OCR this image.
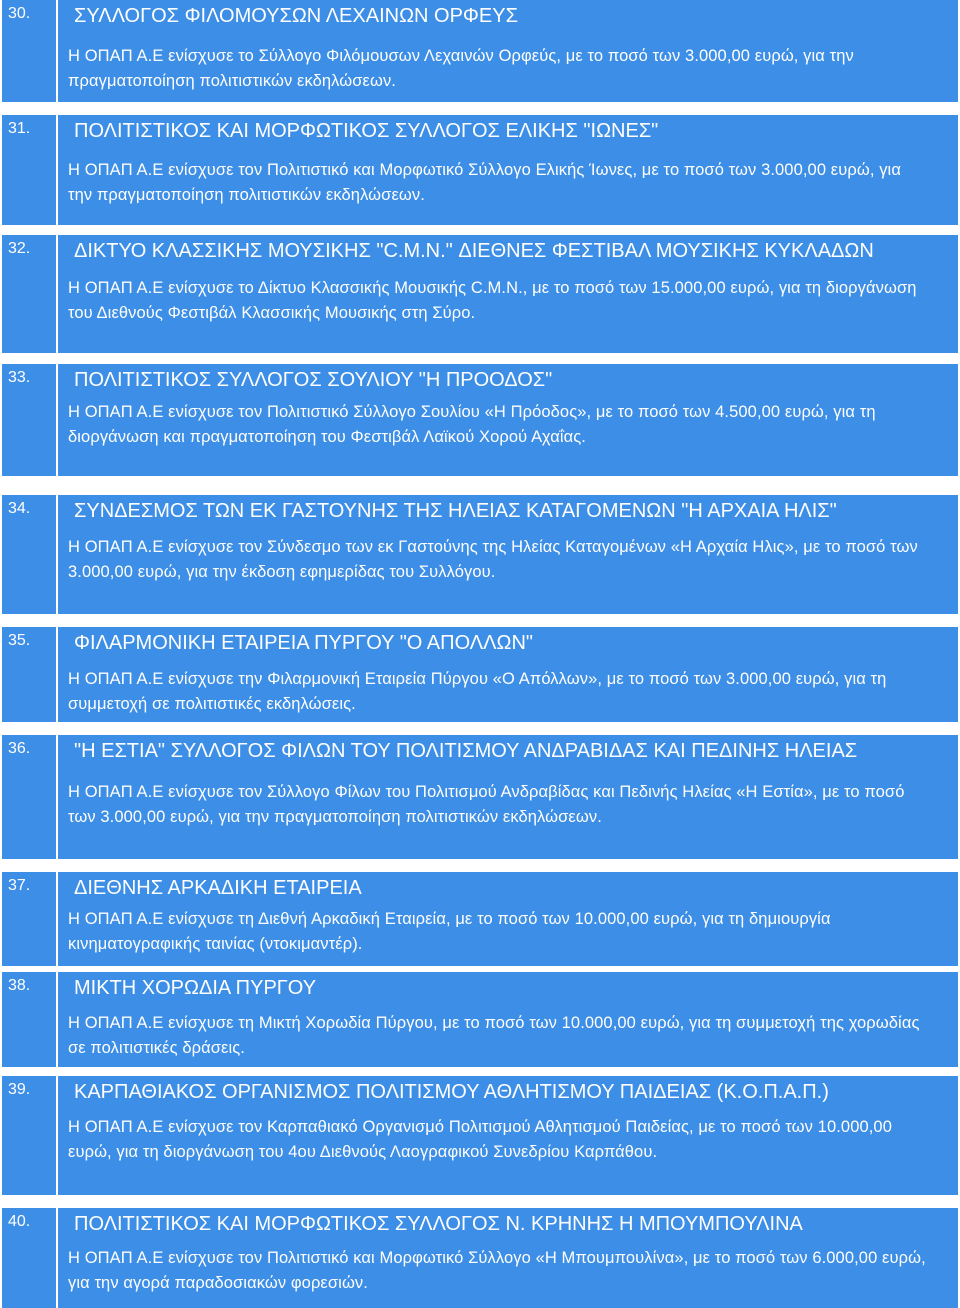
30.	ΣΥΛΛΟΓΟΣ ΦΙΛΟΜΟΥΣΩΝ ΛΕΧΑΙΝΩΝ ΟΡΦΕΥΣ
Η ΟΠΑΠ Α.Ε ενίσχυσε το Σύλλογο Φιλόμουσων Λεχαινών Ορφεύς, με το ποσό των 3.000,00 ευρώ, για την πραγματοποίηση πολιτιστικών εκδηλώσεων.
31.	ΠΟΛΙΤΙΣΤΙΚΟΣ ΚΑΙ ΜΟΡΦΩΤΙΚΟΣ ΣΥΛΛΟΓΟΣ ΕΛΙΚΗΣ "ΙΩΝΕΣ"
Η ΟΠΑΠ Α.Ε ενίσχυσε τον Πολιτιστικό και Μορφωτικό Σύλλογο Ελικής Ίωνες, με το ποσό των 3.000,00 ευρώ, για την πραγματοποίηση πολιτιστικών εκδηλώσεων.
32.	ΔΙΚΤΥΟ ΚΛΑΣΣΙΚΗΣ ΜΟΥΣΙΚΗΣ "C.M.N." ΔΙΕΘΝΕΣ ΦΕΣΤΙΒΑΛ ΜΟΥΣΙΚΗΣ ΚΥΚΛΑΔΩΝ
Η ΟΠΑΠ Α.Ε ενίσχυσε το Δίκτυο Κλασσικής Μουσικής C.M.N., με το ποσό των 15.000,00 ευρώ, για τη διοργάνωση του Διεθνούς Φεστιβάλ Κλασσικής Μουσικής στη Σύρο.
33.	ΠΟΛΙΤΙΣΤΙΚΟΣ ΣΥΛΛΟΓΟΣ ΣΟΥΛΙΟΥ "Η ΠΡΟΟΔΟΣ"
Η ΟΠΑΠ Α.Ε ενίσχυσε τον Πολιτιστικό Σύλλογο Σουλίου «Η Πρόοδος», με το ποσό των 4.500,00 ευρώ, για τη διοργάνωση και πραγματοποίηση του Φεστιβάλ Λαϊκού Χορού Αχαΐας.
34.	ΣΥΝΔΕΣΜΟΣ ΤΩΝ ΕΚ ΓΑΣΤΟΥΝΗΣ ΤΗΣ ΗΛΕΙΑΣ ΚΑΤΑΓΟΜΕΝΩΝ "Η ΑΡΧΑΙΑ ΗΛΙΣ"
Η ΟΠΑΠ Α.Ε ενίσχυσε τον Σύνδεσμο των εκ Γαστούνης της Ηλείας Καταγομένων «Η Αρχαία Ηλις», με το ποσό των 3.000,00 ευρώ, για την έκδοση εφημερίδας του Συλλόγου.
35.	ΦΙΛΑΡΜΟΝΙΚΗ ΕΤΑΙΡΕΙΑ ΠΥΡΓΟΥ "Ο ΑΠΟΛΛΩΝ"
Η ΟΠΑΠ Α.Ε ενίσχυσε την Φιλαρμονική Εταιρεία Πύργου «Ο Απόλλων», με το ποσό των 3.000,00 ευρώ, για τη συμμετοχή σε πολιτιστικές εκδηλώσεις.
36.	"Η ΕΣΤΙΑ" ΣΥΛΛΟΓΟΣ ΦΙΛΩΝ ΤΟΥ ΠΟΛΙΤΙΣΜΟΥ ΑΝΔΡΑΒΙΔΑΣ ΚΑΙ ΠΕΔΙΝΗΣ ΗΛΕΙΑΣ
Η ΟΠΑΠ Α.Ε ενίσχυσε τον Σύλλογο Φίλων του Πολιτισμού Ανδραβίδας και Πεδινής Ηλείας «Η Εστία», με το ποσό των 3.000,00 ευρώ, για την πραγματοποίηση πολιτιστικών εκδηλώσεων.
37.	ΔΙΕΘΝΗΣ ΑΡΚΑΔΙΚΗ ΕΤΑΙΡΕΙΑ
Η ΟΠΑΠ Α.Ε ενίσχυσε τη Διεθνή Αρκαδική Εταιρεία, με το ποσό των 10.000,00 ευρώ, για τη δημιουργία κινηματογραφικής ταινίας (ντοκιμαντέρ).
38.	ΜΙΚΤΗ ΧΟΡΩΔΙΑ ΠΥΡΓΟΥ
Η ΟΠΑΠ Α.Ε ενίσχυσε τη Μικτή Χορωδία Πύργου, με το ποσό των 10.000,00 ευρώ, για τη συμμετοχή της χορωδίας σε πολιτιστικές δράσεις.
39.	ΚΑΡΠΑΘΙΑΚΟΣ ΟΡΓΑΝΙΣΜΟΣ ΠΟΛΙΤΙΣΜΟΥ ΑΘΛΗΤΙΣΜΟΥ ΠΑΙΔΕΙΑΣ (Κ.Ο.Π.Α.Π.)
Η ΟΠΑΠ Α.Ε ενίσχυσε τον Καρπαθιακό Οργανισμό Πολιτισμού Αθλητισμού Παιδείας, με το ποσό των 10.000,00 ευρώ, για τη διοργάνωση του 4ου Διεθνούς Λαογραφικού Συνεδρίου Καρπάθου.
40.	ΠΟΛΙΤΙΣΤΙΚΟΣ ΚΑΙ ΜΟΡΦΩΤΙΚΟΣ ΣΥΛΛΟΓΟΣ Ν. ΚΡΗΝΗΣ Η ΜΠΟΥΜΠΟΥΛΙΝΑ
Η ΟΠΑΠ Α.Ε ενίσχυσε τον Πολιτιστικό και Μορφωτικό Σύλλογο «Η Μπουμπουλίνα», με το ποσό των 6.000,00 ευρώ, για την αγορά παραδοσιακών φορεσιών.
